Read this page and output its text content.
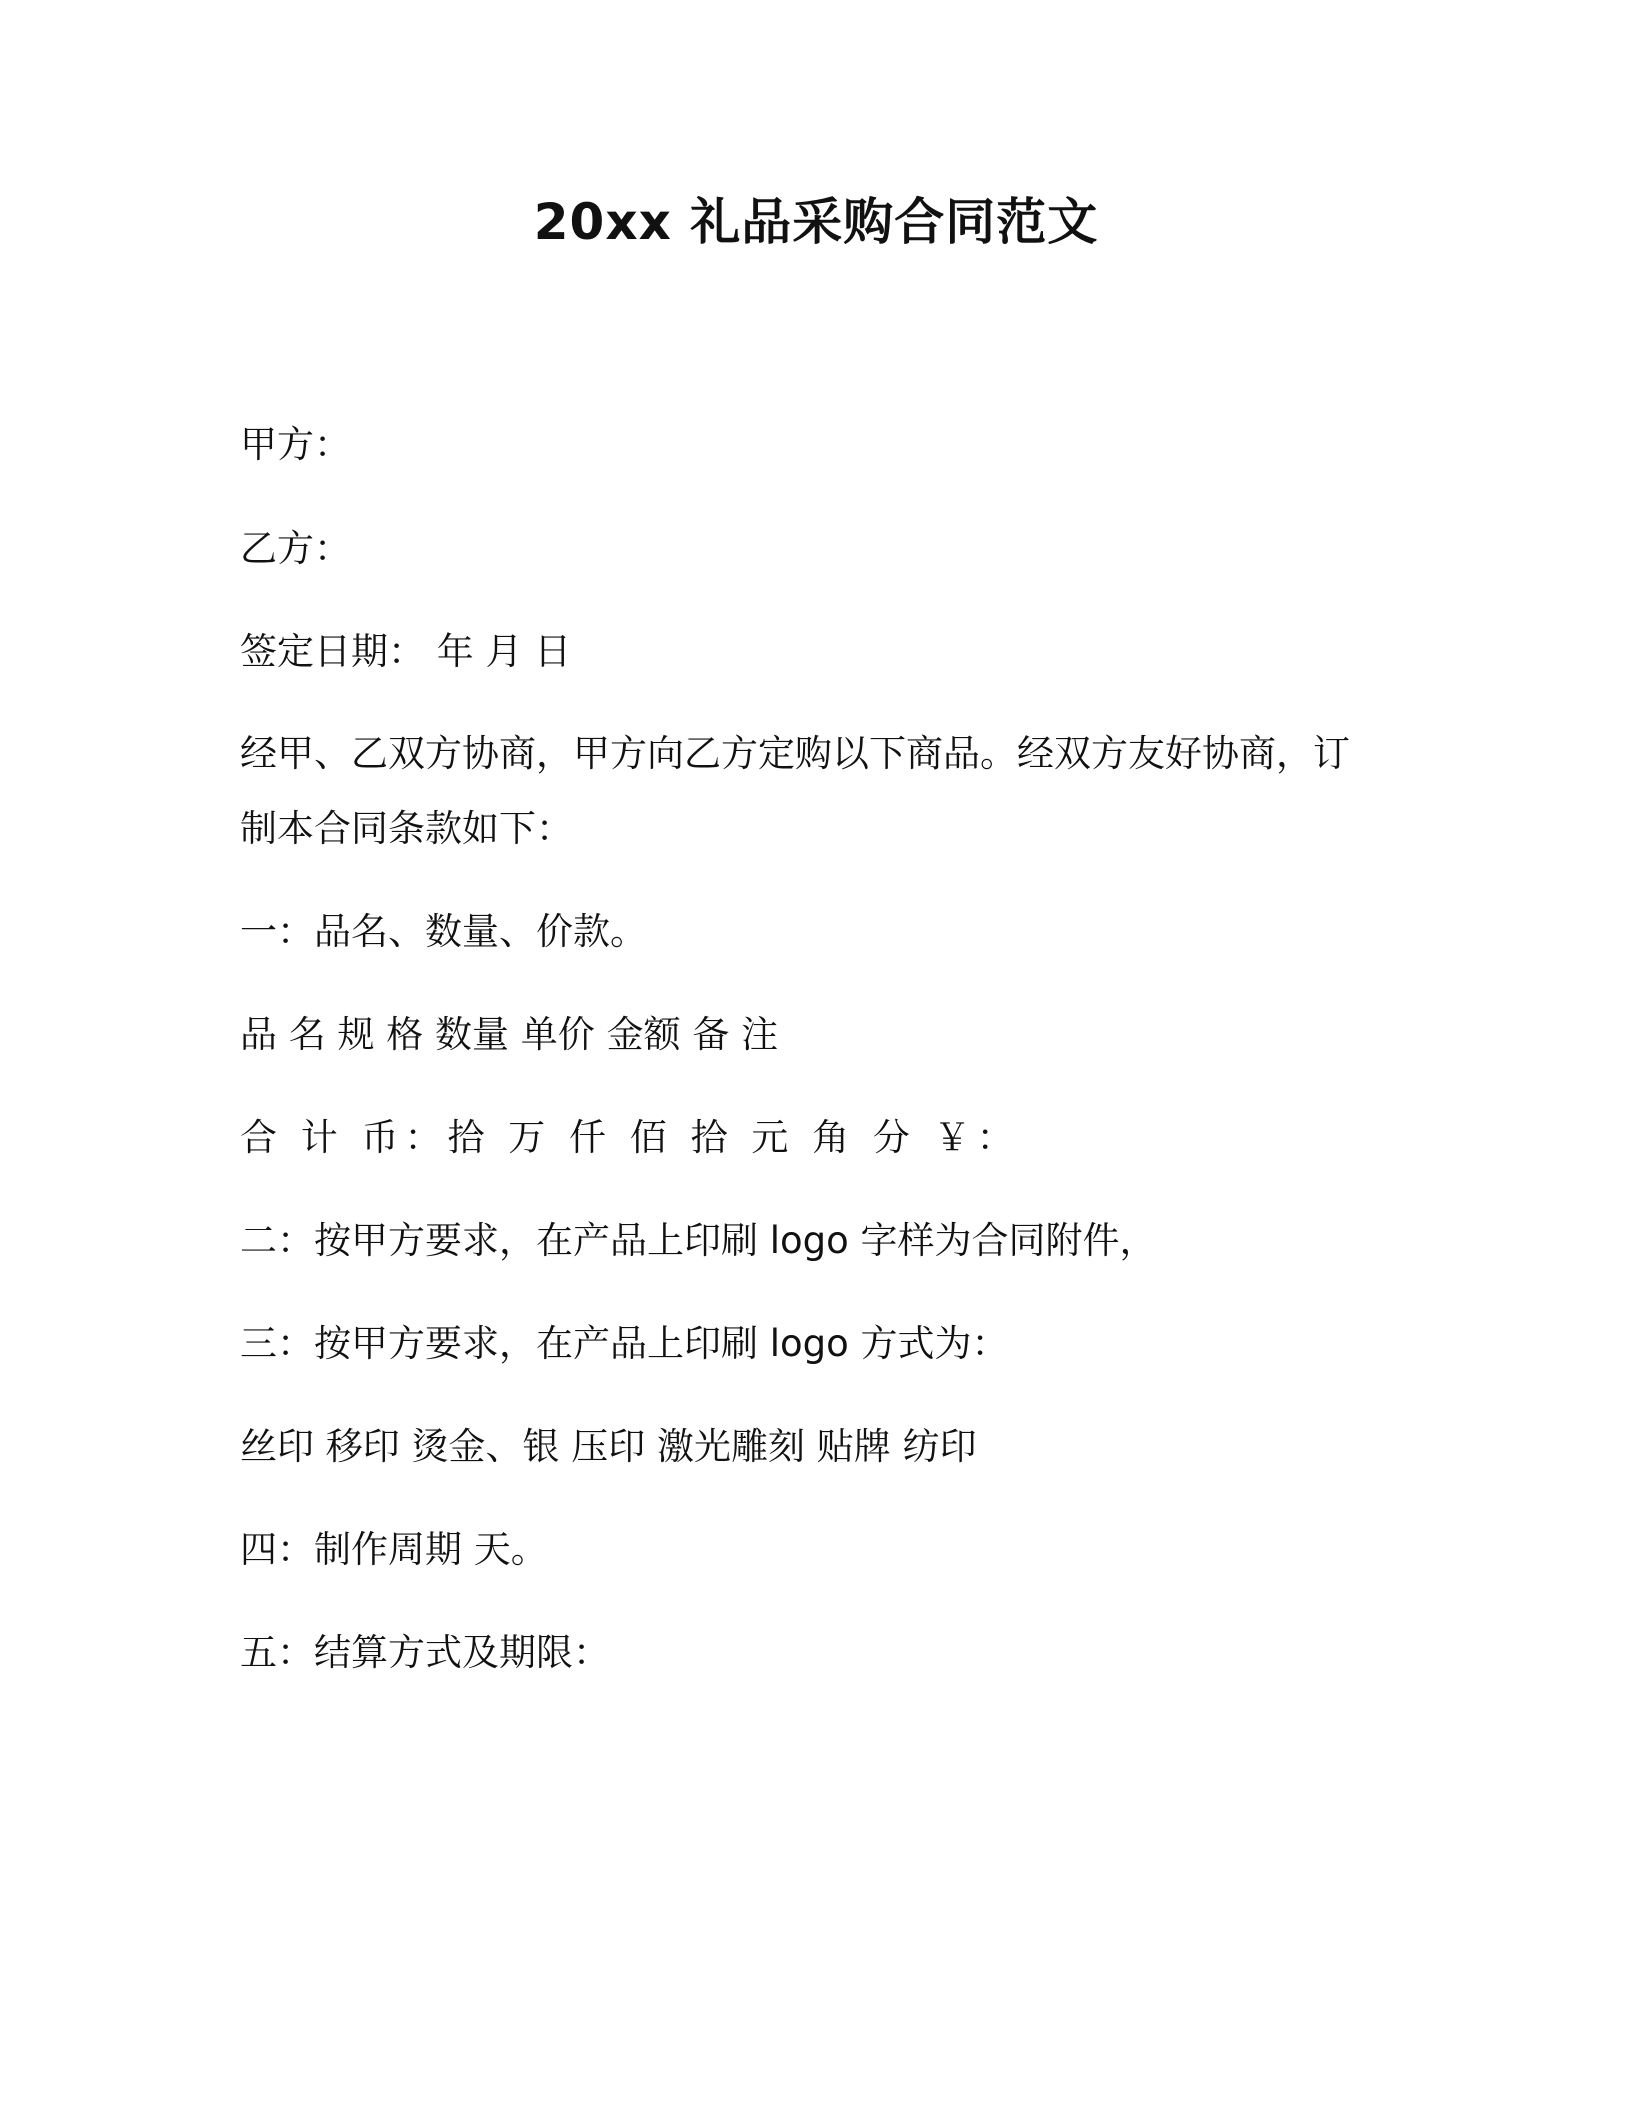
20xx 礼品采购合同范文
甲方：
乙方：
签定日期： 年 月 日
经甲、乙双方协商，甲方向乙方定购以下商品。经双方友好协商，订
制本合同条款如下：
一：品名、数量、价款。
品 名 规 格 数量 单价 金额 备 注
合 计 币：拾 万 仟 佰 拾 元 角 分 ￥：
二：按甲方要求，在产品上印刷 logo 字样为合同附件，
三：按甲方要求，在产品上印刷 logo 方式为：
丝印 移印 烫金、银 压印 激光雕刻 贴牌 纺印
四：制作周期 天。
五：结算方式及期限：
